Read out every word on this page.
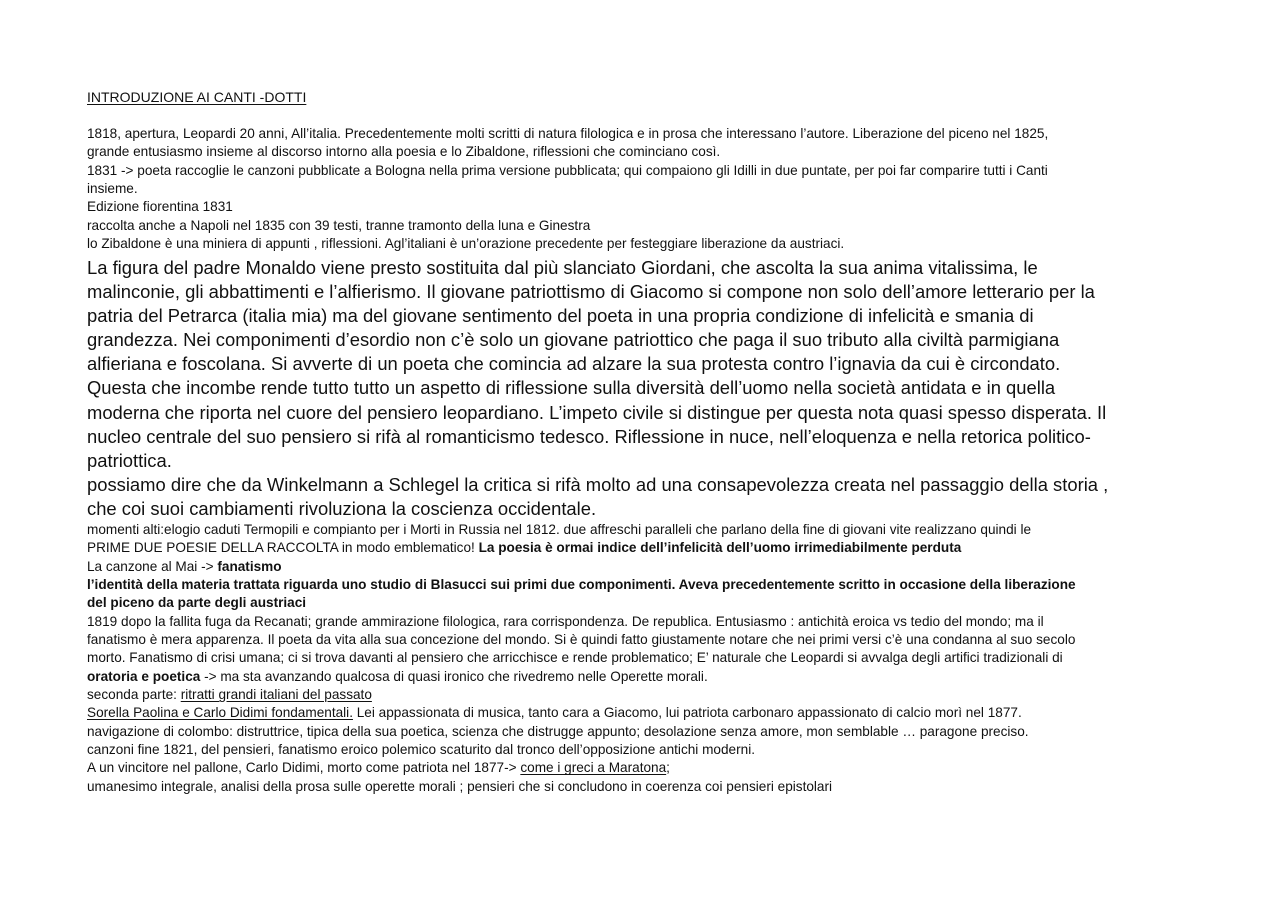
INTRODUZIONE AI CANTI -DOTTI
1818, apertura, Leopardi 20 anni, All’italia. Precedentemente molti scritti di natura filologica e in prosa che interessano l’autore. Liberazione del piceno nel 1825,
grande entusiasmo insieme al discorso intorno alla poesia e lo Zibaldone, riflessioni che cominciano così.
1831 -> poeta raccoglie le canzoni pubblicate a Bologna nella prima versione pubblicata; qui compaiono gli Idilli in due puntate, per poi far comparire tutti i Canti
insieme.
Edizione fiorentina 1831
raccolta anche a Napoli nel 1835 con 39 testi, tranne tramonto della luna e Ginestra
lo Zibaldone è una miniera di appunti , riflessioni. Agl’italiani è un’orazione precedente per festeggiare liberazione da austriaci.
La figura del padre Monaldo viene presto sostituita dal più slanciato Giordani, che ascolta la sua anima vitalissima, le
malinconie, gli abbattimenti e l’alfierismo. Il giovane patriottismo di Giacomo si compone non solo dell’amore letterario per la
patria del Petrarca (italia mia) ma del giovane sentimento del poeta in una propria condizione di infelicità e smania di
grandezza. Nei componimenti d’esordio non c’è solo un giovane patriottico che paga il suo tributo alla civiltà parmigiana
alfieriana e foscolana. Si avverte di un poeta che comincia ad alzare la sua protesta contro l’ignavia da cui è circondato.
Questa che incombe rende tutto tutto un aspetto di riflessione sulla diversità dell’uomo nella società antidata e in quella
moderna che riporta nel cuore del pensiero leopardiano. L’impeto civile si distingue per questa nota quasi spesso disperata. Il
nucleo centrale del suo pensiero si rifà al romanticismo tedesco. Riflessione in nuce, nell’eloquenza e nella retorica politico-
patriottica.
possiamo dire che da Winkelmann a Schlegel la critica si rifà molto ad una consapevolezza creata nel passaggio della storia ,
che coi suoi cambiamenti rivoluziona la coscienza occidentale.
momenti alti:elogio caduti Termopili e compianto per i Morti in Russia nel 1812. due affreschi paralleli che parlano della fine di giovani vite realizzano quindi le
PRIME DUE POESIE DELLA RACCOLTA in modo emblematico! La poesia è ormai indice dell’infelicità dell’uomo irrimediabilmente perduta
La canzone al Mai -> fanatismo
l’identità della materia trattata riguarda uno studio di Blasucci sui primi due componimenti. Aveva precedentemente scritto in occasione della liberazione
del piceno da parte degli austriaci
1819 dopo la fallita fuga da Recanati; grande ammirazione filologica, rara corrispondenza. De republica. Entusiasmo : antichità eroica vs tedio del mondo; ma il
fanatismo è mera apparenza. Il poeta da vita alla sua concezione del mondo. Si è quindi fatto giustamente notare che nei primi versi c’è una condanna al suo secolo
morto. Fanatismo di crisi umana; ci si trova davanti al pensiero che arricchisce e rende problematico; E’ naturale che Leopardi si avvalga degli artifici tradizionali di
oratoria e poetica -> ma sta avanzando qualcosa di quasi ironico che rivedremo nelle Operette morali.
seconda parte: ritratti grandi italiani del passato
Sorella Paolina e Carlo Didimi fondamentali. Lei appassionata di musica, tanto cara a Giacomo, lui patriota carbonaro appassionato di calcio morì nel 1877.
navigazione di colombo: distruttrice, tipica della sua poetica, scienza che distrugge appunto; desolazione senza amore, mon semblable … paragone preciso.
canzoni fine 1821, del pensieri, fanatismo eroico polemico scaturito dal tronco dell’opposizione antichi moderni.
A un vincitore nel pallone, Carlo Didimi, morto come patriota nel 1877-> come i greci a Maratona;
umanesimo integrale, analisi della prosa sulle operette morali ; pensieri che si concludono in coerenza coi pensieri epistolari
